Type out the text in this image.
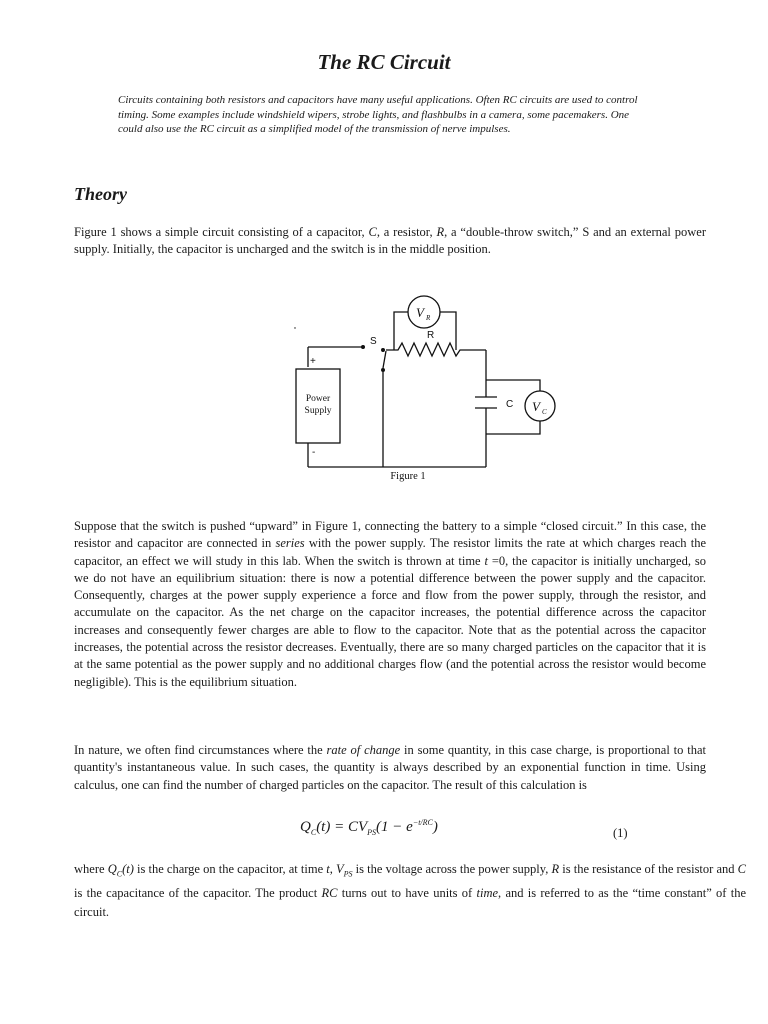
The RC Circuit
Circuits containing both resistors and capacitors have many useful applications. Often RC circuits are used to control timing. Some examples include windshield wipers, strobe lights, and flashbulbs in a camera, some pacemakers. One could also use the RC circuit as a simplified model of the transmission of nerve impulses.
Theory
Figure 1 shows a simple circuit consisting of a capacitor, C, a resistor, R, a “double-throw switch,” S and an external power supply. Initially, the capacitor is uncharged and the switch is in the middle position.
S
R
C
+
-
Power
Supply
V R
V C
Figure 1
Suppose that the switch is pushed “upward” in Figure 1, connecting the battery to a simple “closed circuit.” In this case, the resistor and capacitor are connected in series with the power supply. The resistor limits the rate at which charges reach the capacitor, an effect we will study in this lab. When the switch is thrown at time t =0, the capacitor is initially uncharged, so we do not have an equilibrium situation: there is now a potential difference between the power supply and the capacitor. Consequently, charges at the power supply experience a force and flow from the power supply, through the resistor, and accumulate on the capacitor. As the net charge on the capacitor increases, the potential difference across the capacitor increases and consequently fewer charges are able to flow to the capacitor. Note that as the potential across the capacitor increases, the potential across the resistor decreases. Eventually, there are so many charged particles on the capacitor that it is at the same potential as the power supply and no additional charges flow (and the potential across the resistor would become negligible). This is the equilibrium situation.
In nature, we often find circumstances where the rate of change in some quantity, in this case charge, is proportional to that quantity's instantaneous value. In such cases, the quantity is always described by an exponential function in time. Using calculus, one can find the number of charged particles on the capacitor. The result of this calculation is
$Q_C(t) = CV_{PS}(1 - e^{-t/RC})$	(1)
where $Q_C(t)$ is the charge on the capacitor, at time t, $V_{PS}$ is the voltage across the power supply, R is the resistance of the resistor and C is the capacitance of the capacitor. The product RC turns out to have units of time, and is referred to as the “time constant” of the circuit.
